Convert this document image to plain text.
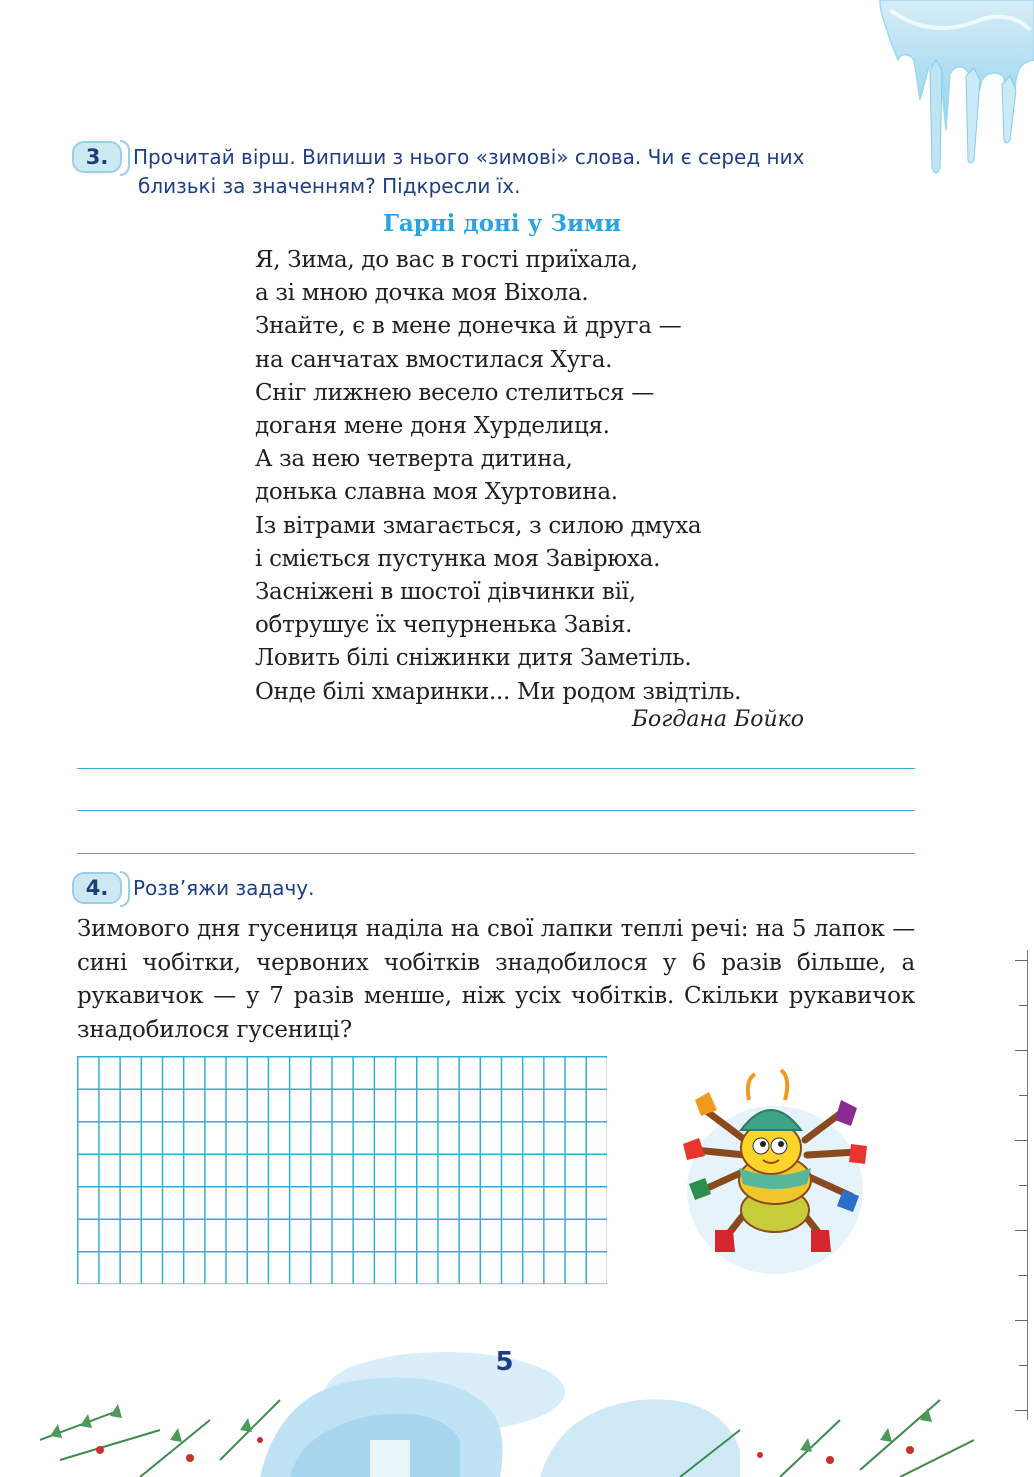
3.	Прочитай вірш. Випиши з нього «зимові» слова. Чи є серед них
близькі за значенням? Підкресли їх.
Гарні доні у Зими
Я, Зима, до вас в гості приїхала,
а зі мною дочка моя Віхола.
Знайте, є в мене донечка й друга —
на санчатах вмостилася Хуга.
Сніг лижнею весело стелиться —
доганя мене доня Хурделиця.
А за нею четверта дитина,
донька славна моя Хуртовина.
Із вітрами змагається, з силою дмуха
і сміється пустунка моя Завірюха.
Засніжені в шостої дівчинки вії,
обтрушує їх чепурненька Завія.
Ловить білі сніжинки дитя Заметіль.
Онде білі хмаринки... Ми родом звідтіль.
Богдана Бойко
4.	Розв’яжи задачу.
Зимового дня гусениця наділа на свої лапки теплі речі: на 5 лапок — сині чобітки, червоних чобітків знадобилося у 6 разів більше, а рукавичок — у 7 разів менше, ніж усіх чобітків. Скільки рукавичок знадобилося гусениці?
5
